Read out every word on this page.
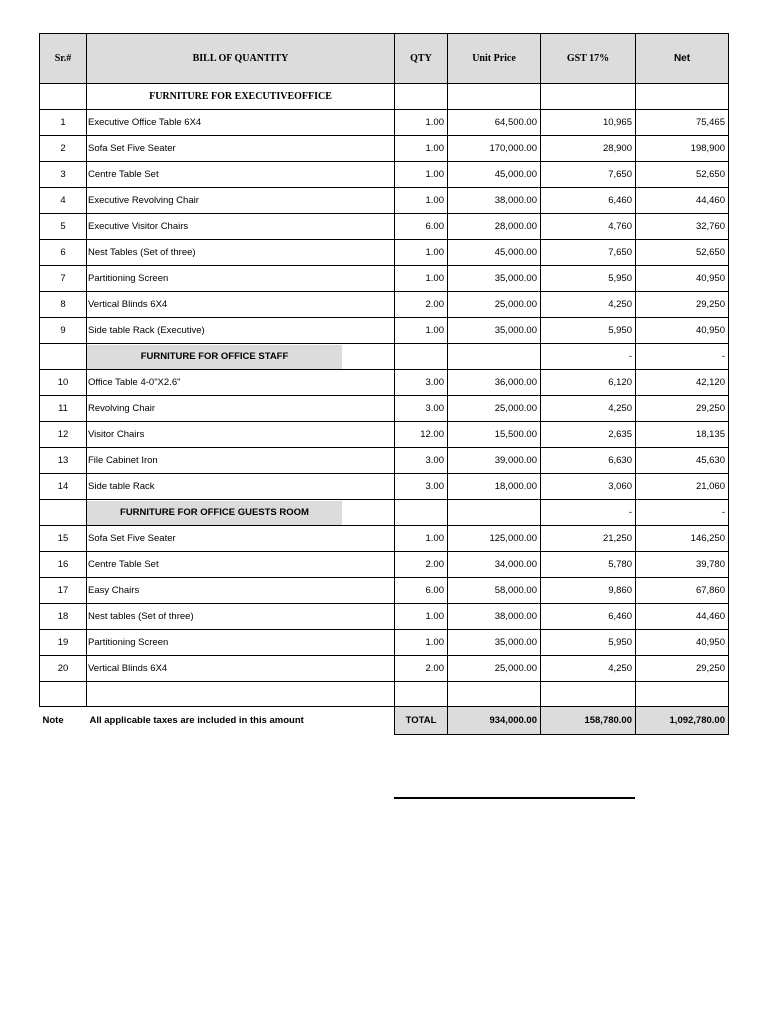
Sr.#	BILL OF QUANTITY	QTY	Unit Price	GST 17%	Net
	FURNITURE FOR EXECUTIVEOFFICE				
1	Executive Office Table 6X4	1.00	64,500.00	10,965	75,465
2	Sofa Set Five Seater	1.00	170,000.00	28,900	198,900
3	Centre Table Set	1.00	45,000.00	7,650	52,650
4	Executive Revolving Chair	1.00	38,000.00	6,460	44,460
5	Executive Visitor Chairs	6.00	28,000.00	4,760	32,760
6	Nest Tables (Set of three)	1.00	45,000.00	7,650	52,650
7	Partitioning Screen	1.00	35,000.00	5,950	40,950
8	Vertical Blinds 6X4	2.00	25,000.00	4,250	29,250
9	Side table Rack (Executive)	1.00	35,000.00	5,950	40,950
	FURNITURE FOR OFFICE STAFF			-	-
10	Office Table 4-0"X2.6"	3.00	36,000.00	6,120	42,120
11	Revolving Chair	3.00	25,000.00	4,250	29,250
12	Visitor Chairs	12.00	15,500.00	2,635	18,135
13	File Cabinet Iron	3.00	39,000.00	6,630	45,630
14	Side table Rack	3.00	18,000.00	3,060	21,060
	FURNITURE FOR OFFICE GUESTS ROOM			-	-
15	Sofa Set Five Seater	1.00	125,000.00	21,250	146,250
16	Centre Table Set	2.00	34,000.00	5,780	39,780
17	Easy Chairs	6.00	58,000.00	9,860	67,860
18	Nest tables (Set of three)	1.00	38,000.00	6,460	44,460
19	Partitioning Screen	1.00	35,000.00	5,950	40,950
20	Vertical Blinds 6X4	2.00	25,000.00	4,250	29,250

Note	All applicable taxes are included in this amount	TOTAL	934,000.00	158,780.00	1,092,780.00
